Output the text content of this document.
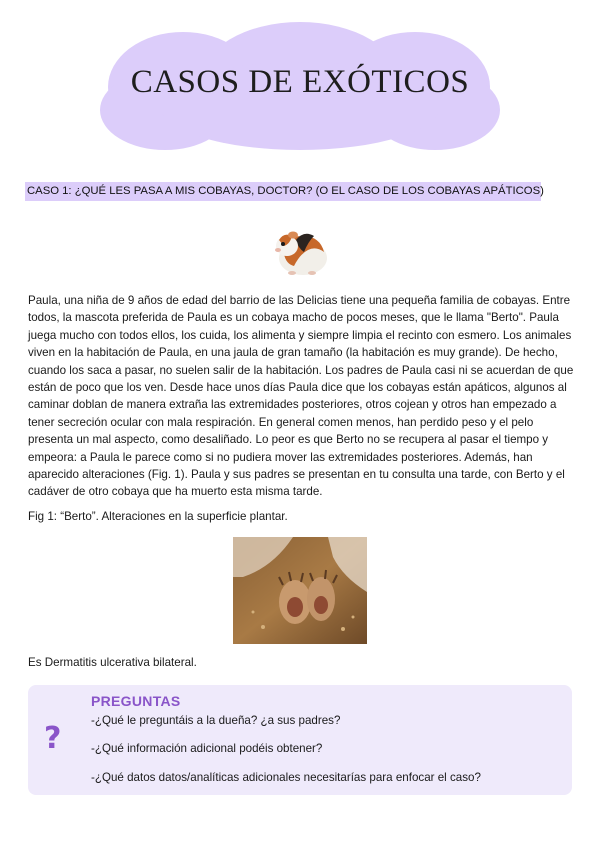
CASOS DE EXÓTICOS
CASO 1: ¿QUÉ LES PASA A MIS COBAYAS, DOCTOR? (O EL CASO DE LOS COBAYAS APÁTICOS)

Paula, una niña de 9 años de edad del barrio de las Delicias tiene una pequeña familia de cobayas. Entre todos, la mascota preferida de Paula es un cobaya macho de pocos meses, que le llama "Berto". Paula juega mucho con todos ellos, los cuida, los alimenta y siempre limpia el recinto con esmero. Los animales viven en la habitación de Paula, en una jaula de gran tamaño (la habitación es muy grande). De hecho, cuando los saca a pasar, no suelen salir de la habitación. Los padres de Paula casi ni se acuerdan de que están de poco que los ven. Desde hace unos días Paula dice que los cobayas están apáticos, algunos al caminar doblan de manera extraña las extremidades posteriores, otros cojean y otros han empezado a tener secreción ocular con mala respiración. En general comen menos, han perdido peso y el pelo presenta un mal aspecto, como desaliñado. Lo peor es que Berto no se recupera al pasar el tiempo y empeora: a Paula le parece como si no pudiera mover las extremidades posteriores. Además, han aparecido alteraciones (Fig. 1). Paula y sus padres se presentan en tu consulta una tarde, con Berto y el cadáver de otro cobaya que ha muerto esta misma tarde.

Fig 1: “Berto”. Alteraciones en la superficie plantar.

Es Dermatitis ulcerativa bilateral.

?
PREGUNTAS
-¿Qué le preguntáis a la dueña? ¿a sus padres?
-¿Qué información adicional podéis obtener?
-¿Qué datos datos/analíticas adicionales necesitarías para enfocar el caso?
